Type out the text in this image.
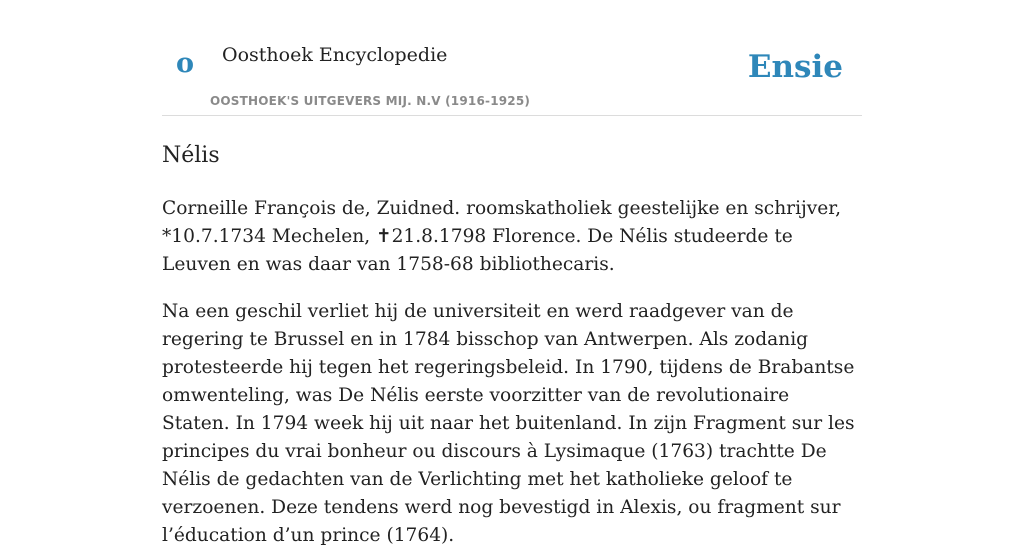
o Oosthoek Encyclopedie
OOSTHOEK'S UITGEVERS MIJ. N.V (1916-1925)
Ensie
Nélis

Corneille François de, Zuidned. roomskatholiek geestelijke en schrijver, *10.7.1734 Mechelen, ✝21.8.1798 Florence. De Nélis studeerde te Leuven en was daar van 1758-68 bibliothecaris.

Na een geschil verliet hij de universiteit en werd raadgever van de regering te Brussel en in 1784 bisschop van Antwerpen. Als zodanig protesteerde hij tegen het regeringsbeleid. In 1790, tijdens de Brabantse omwenteling, was De Nélis eerste voorzitter van de revolutionaire Staten. In 1794 week hij uit naar het buitenland. In zijn Fragment sur les principes du vrai bonheur ou discours à Lysimaque (1763) trachtte De Nélis de gedachten van de Verlichting met het katholieke geloof te verzoenen. Deze tendens werd nog bevestigd in Alexis, ou fragment sur l’éducation d’un prince (1764).
